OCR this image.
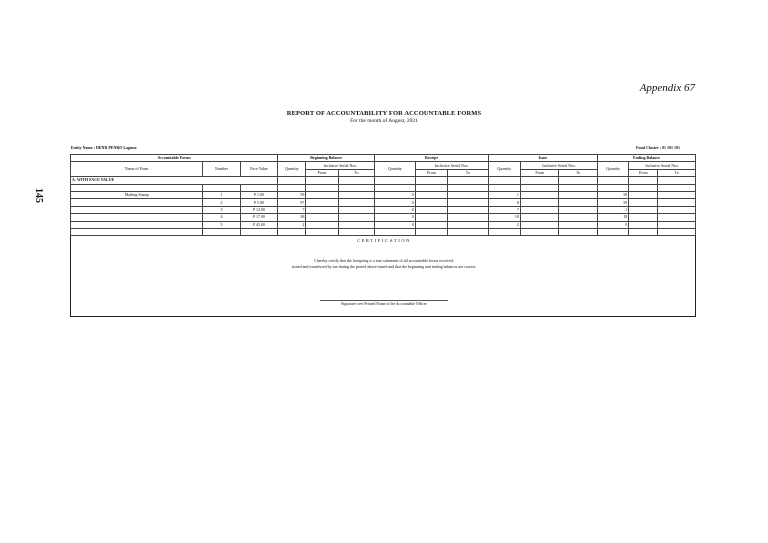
Appendix 67
145
REPORT OF ACCOUNTABILITY FOR ACCOUNTABLE FORMS
For the month of August, 2021
Entity Name : DENR PENRO Laguna	Fund Cluster : 01 101 101
Accountable Forms			Beginning Balance			Receipt			Issue			Ending Balance		
Name of Form	Number	Face Value	Quantity	Inclusive Serial Nos.		Quantity	Inclusive Serial Nos.		Quantity	Inclusive Serial Nos.		Quantity	Inclusive Serial Nos.	
				From	To		From	To		From	To		From	To
A. WITH FACE VALUE														

Mailing Stamp	1	P 1.00	59			0			1			58		
	2	P 5.00	97			0			8			59		
	3	P 12.00	7			0			7			1		
	4	P 17.00	38			0			18			18		
	5	P 45.00	2			0			2			0		

CERTIFICATION
I hereby certify that the foregoing is a true statement of all accountable forms received,
issued and transferred by me during the period above-stated and that the beginning and ending balances are correct.
Signature over Printed Name of the Accountable Officer
